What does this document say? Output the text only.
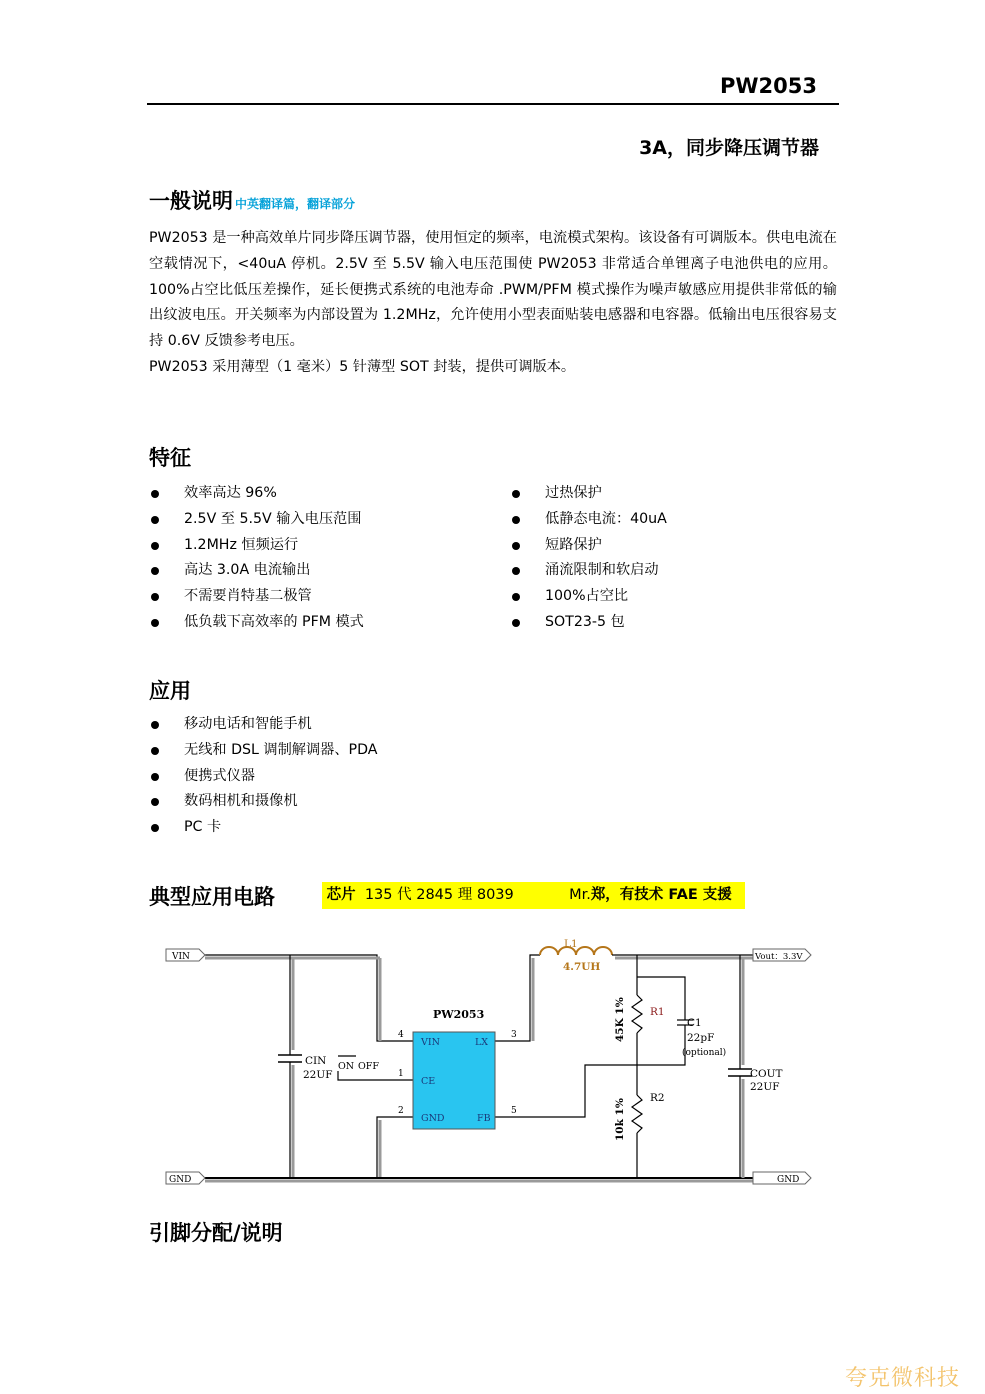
PW2053
3A，同步降压调节器
一般说明 中英翻译篇，翻译部分

PW2053 是一种高效单片同步降压调节器，使用恒定的频率，电流模式架构。该设备有可调版本。供电电流在空载情况下，<40uA 停机。2.5V 至 5.5V 输入电压范围使 PW2053 非常适合单锂离子电池供电的应用。100%占空比低压差操作，延长便携式系统的电池寿命 .PWM/PFM 模式操作为噪声敏感应用提供非常低的输出纹波电压。开关频率为内部设置为 1.2MHz，允许使用小型表面贴装电感器和电容器。低输出电压很容易支持 0.6V 反馈参考电压。

PW2053 采用薄型（1 毫米）5 针薄型 SOT 封装，提供可调版本。

特征
效率高达 96%
2.5V 至 5.5V 输入电压范围
1.2MHz 恒频运行
高达 3.0A 电流输出
不需要肖特基二极管
低负载下高效率的 PFM 模式
过热保护
低静态电流：40uA
短路保护
涌流限制和软启动
100%占空比
SOT23-5 包
应用
移动电话和智能手机
无线和 DSL 调制解调器、PDA
便携式仪器
数码相机和摄像机
PC 卡
典型应用电路	芯片 135 代 2845 理 8039	Mr.郑，有技术 FAE 支援
VIN	Vout：3.3V
GND	GND
PW2053
VIN
CE
GND
LX
FB
4
1
2
3
5
L1
4.7UH
CIN
22UF	COUT
22UF
ON OFF
R1
R2
C1
22pF
(optional)
45K 1%
10k 1%
引脚分配/说明
夸克微科技
